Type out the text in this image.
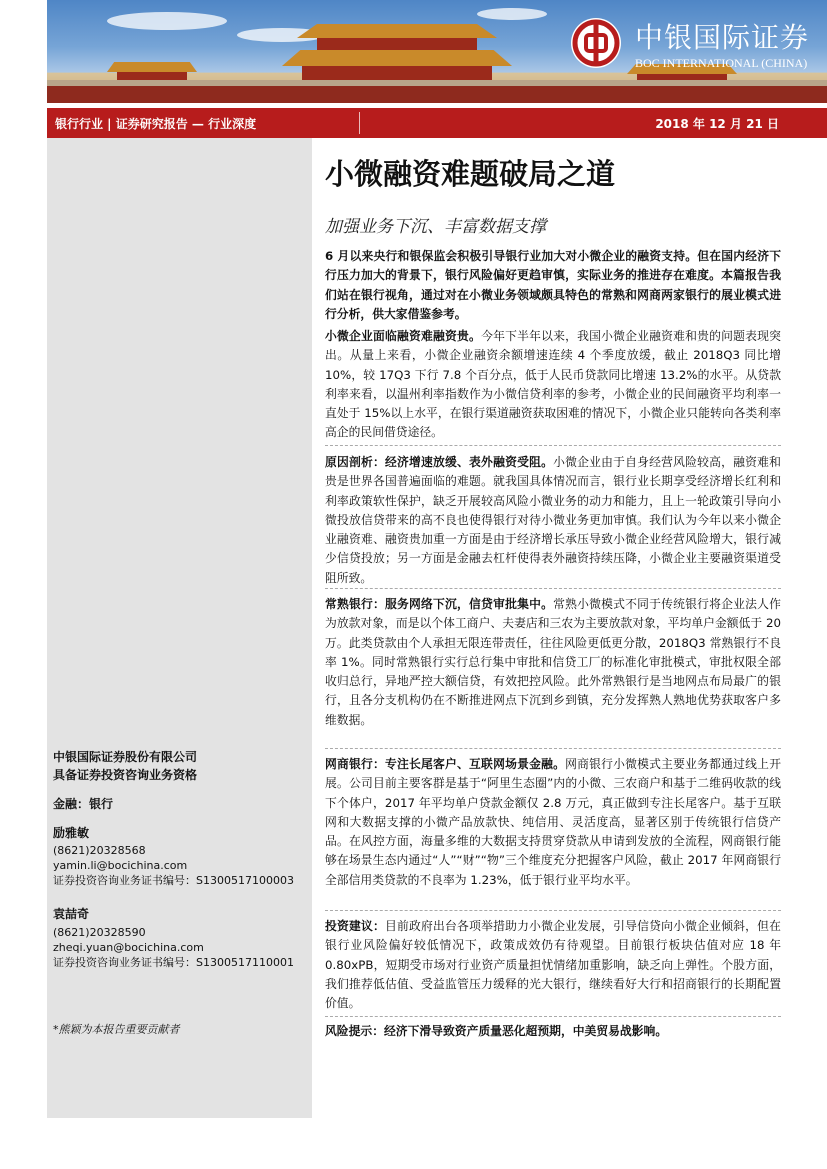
中银国际证券
BOC INTERNATIONAL (CHINA)
银行行业 | 证券研究报告 — 行业深度	2018 年 12 月 21 日
中银国际证券股份有限公司
具备证券投资咨询业务资格
金融：银行
励雅敏
(8621)20328568
yamin.li@bocichina.com
证券投资咨询业务证书编号：S1300517100003
袁喆奇
(8621)20328590
zheqi.yuan@bocichina.com
证券投资咨询业务证书编号：S1300517110001
*熊颖为本报告重要贡献者
小微融资难题破局之道
加强业务下沉、丰富数据支撑

6 月以来央行和银保监会积极引导银行业加大对小微企业的融资支持。但在国内经济下行压力加大的背景下，银行风险偏好更趋审慎，实际业务的推进存在难度。本篇报告我们站在银行视角，通过对在小微业务领域颇具特色的常熟和网商两家银行的展业模式进行分析，供大家借鉴参考。

小微企业面临融资难融资贵。今年下半年以来，我国小微企业融资难和贵的问题表现突出。从量上来看，小微企业融资余额增速连续 4 个季度放缓，截止 2018Q3 同比增 10%，较 17Q3 下行 7.8 个百分点，低于人民币贷款同比增速 13.2%的水平。从贷款利率来看，以温州利率指数作为小微信贷利率的参考，小微企业的民间融资平均利率一直处于 15%以上水平，在银行渠道融资获取困难的情况下，小微企业只能转向各类利率高企的民间借贷途径。

原因剖析：经济增速放缓、表外融资受阻。小微企业由于自身经营风险较高，融资难和贵是世界各国普遍面临的难题。就我国具体情况而言，银行业长期享受经济增长红利和利率政策软性保护，缺乏开展较高风险小微业务的动力和能力，且上一轮政策引导向小微投放信贷带来的高不良也使得银行对待小微业务更加审慎。我们认为今年以来小微企业融资难、融资贵加重一方面是由于经济增长承压导致小微企业经营风险增大，银行减少信贷投放；另一方面是金融去杠杆使得表外融资持续压降，小微企业主要融资渠道受阻所致。

常熟银行：服务网络下沉，信贷审批集中。常熟小微模式不同于传统银行将企业法人作为放款对象，而是以个体工商户、夫妻店和三农为主要放款对象，平均单户金额低于 20 万。此类贷款由个人承担无限连带责任，往往风险更低更分散，2018Q3 常熟银行不良率 1%。同时常熟银行实行总行集中审批和信贷工厂的标准化审批模式，审批权限全部收归总行，异地严控大额信贷，有效把控风险。此外常熟银行是当地网点布局最广的银行，且各分支机构仍在不断推进网点下沉到乡到镇，充分发挥熟人熟地优势获取客户多维数据。

网商银行：专注长尾客户、互联网场景金融。网商银行小微模式主要业务都通过线上开展。公司目前主要客群是基于“阿里生态圈”内的小微、三农商户和基于二维码收款的线下个体户，2017 年平均单户贷款金额仅 2.8 万元，真正做到专注长尾客户。基于互联网和大数据支撑的小微产品放款快、纯信用、灵活度高，显著区别于传统银行信贷产品。在风控方面，海量多维的大数据支持贯穿贷款从申请到发放的全流程，网商银行能够在场景生态内通过“人”“财”“物”三个维度充分把握客户风险，截止 2017 年网商银行全部信用类贷款的不良率为 1.23%，低于银行业平均水平。

投资建议：目前政府出台各项举措助力小微企业发展，引导信贷向小微企业倾斜，但在银行业风险偏好较低情况下，政策成效仍有待观望。目前银行板块估值对应 18 年 0.80xPB，短期受市场对行业资产质量担忧情绪加重影响，缺乏向上弹性。个股方面，我们推荐低估值、受益监管压力缓释的光大银行，继续看好大行和招商银行的长期配置价值。

风险提示：经济下滑导致资产质量恶化超预期，中美贸易战影响。
